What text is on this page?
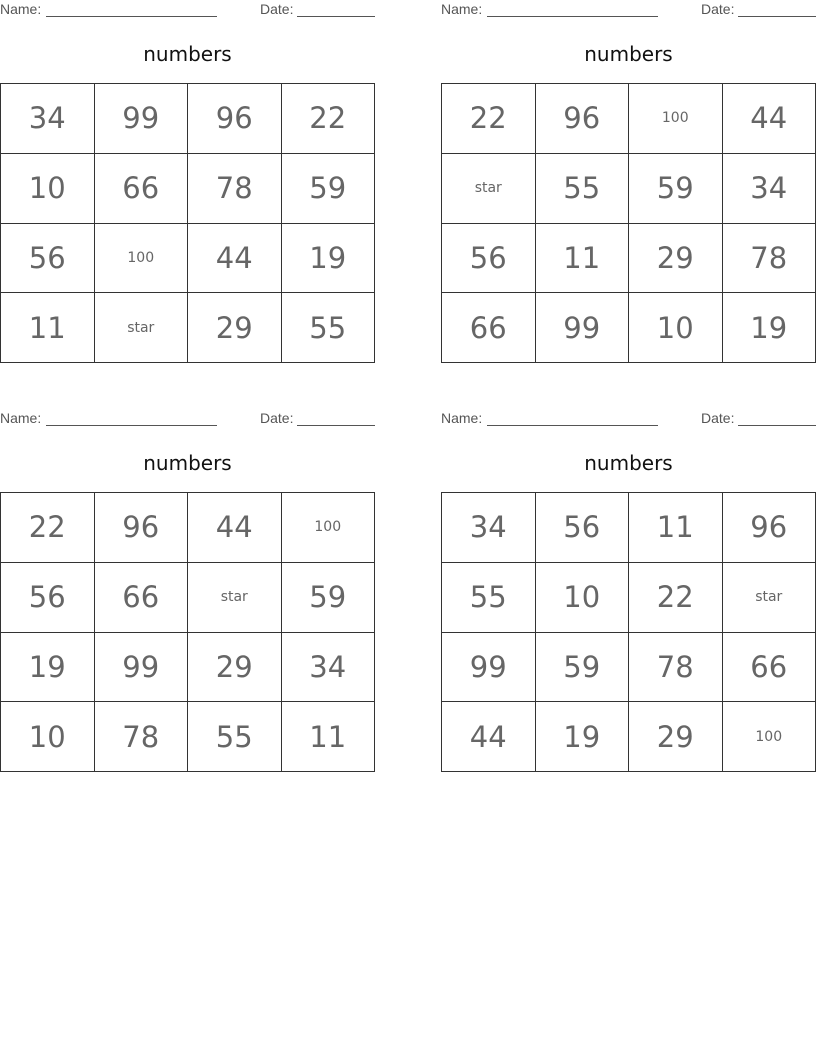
Name:	Date:
numbers
34	99	96	22
10	66	78	59
56	100	44	19
11	star	29	55
Name:	Date:
numbers
22	96	100	44
star	55	59	34
56	11	29	78
66	99	10	19
Name:	Date:
numbers
22	96	44	100
56	66	star	59
19	99	29	34
10	78	55	11
Name:	Date:
numbers
34	56	11	96
55	10	22	star
99	59	78	66
44	19	29	100
